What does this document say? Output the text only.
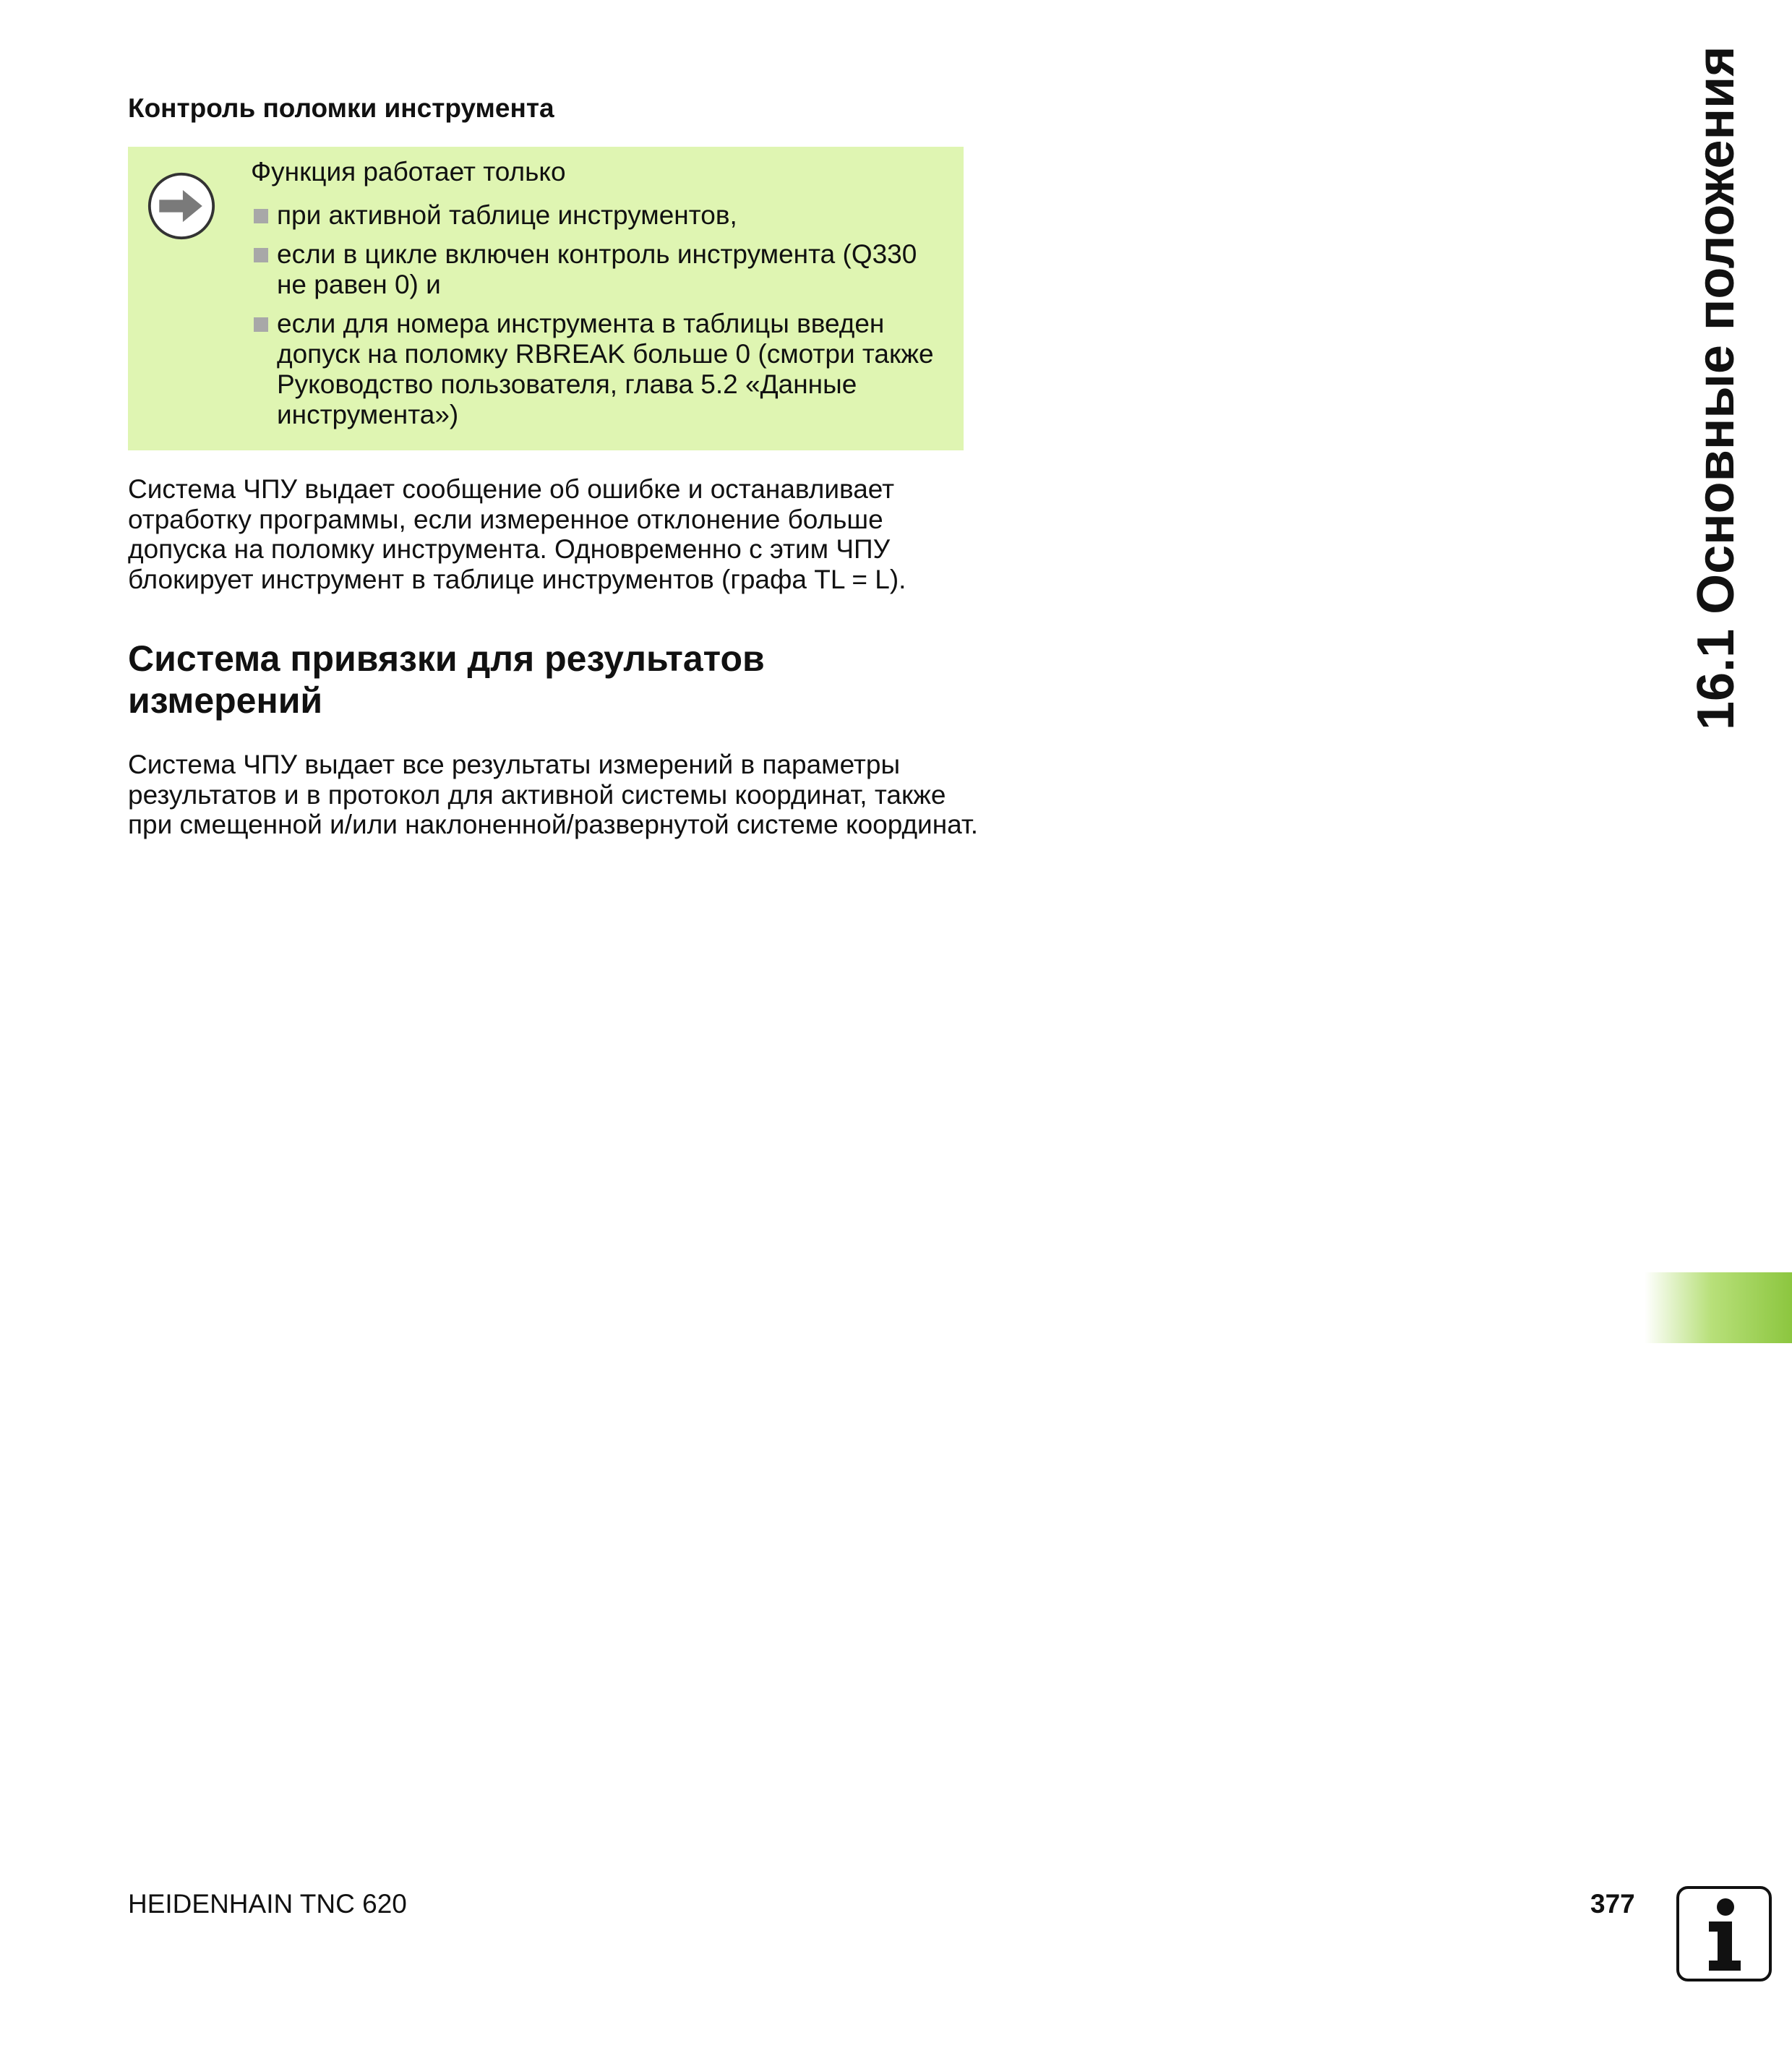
Контроль поломки инструмента

Функция работает только

при активной таблице инструментов,
если в цикле включен контроль инструмента (Q330 не равен 0) и
если для номера инструмента в таблицы введен допуск на поломку RBREAK больше 0 (смотри также Руководство пользователя, глава 5.2 «Данные инструмента»)

Система ЧПУ выдает сообщение об ошибке и останавливает отработку программы, если измеренное отклонение больше допуска на поломку инструмента. Одновременно с этим ЧПУ блокирует инструмент в таблице инструментов (графа TL = L).

Система привязки для результатов измерений

Система ЧПУ выдает все результаты измерений в параметры результатов и в протокол для активной системы координат, также при смещенной и/или наклоненной/развернутой системе координат.

16.1 Основные положения
HEIDENHAIN TNC 620	377
